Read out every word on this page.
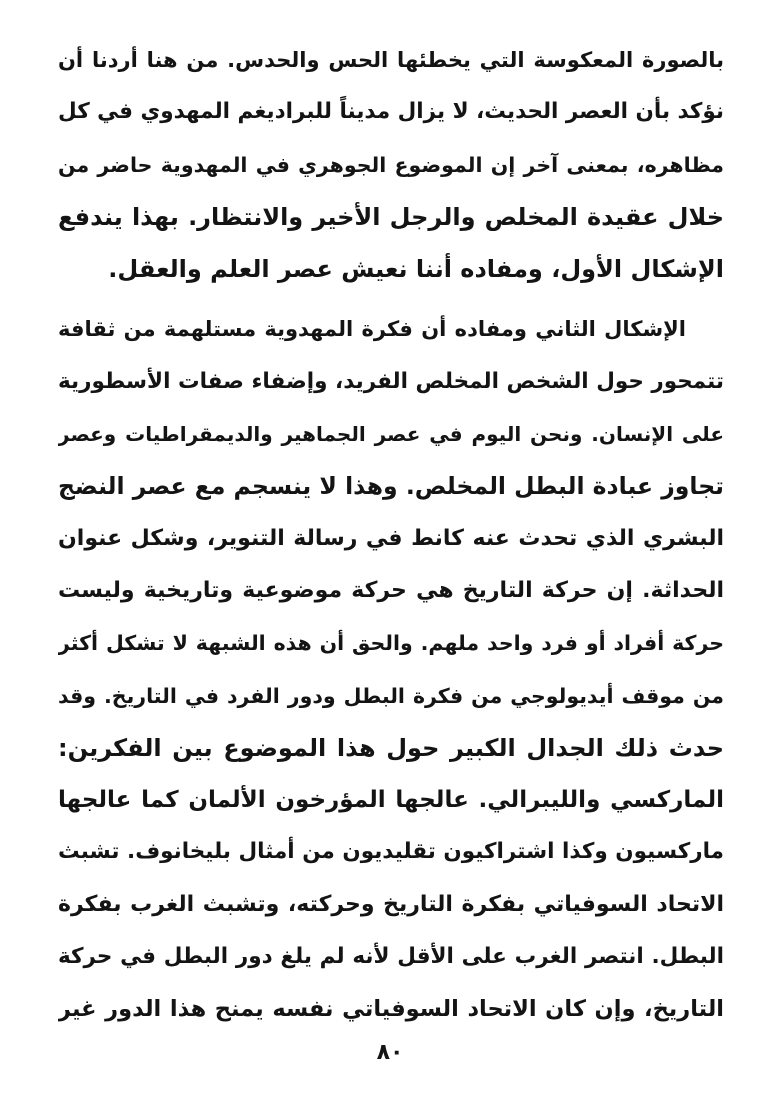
بالصورة المعكوسة التي يخطئها الحس والحدس. من هنا أردنا أن
نؤكد بأن العصر الحديث، لا يزال مديناً للبراديغم المهدوي في كل
مظاهره، بمعنى آخر إن الموضوع الجوهري في المهدوية حاضر من
خلال عقيدة المخلص والرجل الأخير والانتظار. بهذا يندفع
الإشكال الأول، ومفاده أننا نعيش عصر العلم والعقل.
الإشكال الثاني ومفاده أن فكرة المهدوية مستلهمة من ثقافة
تتمحور حول الشخص المخلص الفريد، وإضفاء صفات الأسطورية
على الإنسان. ونحن اليوم في عصر الجماهير والديمقراطيات وعصر
تجاوز عبادة البطل المخلص. وهذا لا ينسجم مع عصر النضج
البشري الذي تحدث عنه كانط في رسالة التنوير، وشكل عنوان
الحداثة. إن حركة التاريخ هي حركة موضوعية وتاريخية وليست
حركة أفراد أو فرد واحد ملهم. والحق أن هذه الشبهة لا تشكل أكثر
من موقف أيديولوجي من فكرة البطل ودور الفرد في التاريخ. وقد
حدث ذلك الجدال الكبير حول هذا الموضوع بين الفكرين:
الماركسي والليبرالي. عالجها المؤرخون الألمان كما عالجها
ماركسيون وكذا اشتراكيون تقليديون من أمثال بليخانوف. تشبث
الاتحاد السوفياتي بفكرة التاريخ وحركته، وتشبث الغرب بفكرة
البطل. انتصر الغرب على الأقل لأنه لم يلغ دور البطل في حركة
التاريخ، وإن كان الاتحاد السوفياتي نفسه يمنح هذا الدور غير
٨٠
